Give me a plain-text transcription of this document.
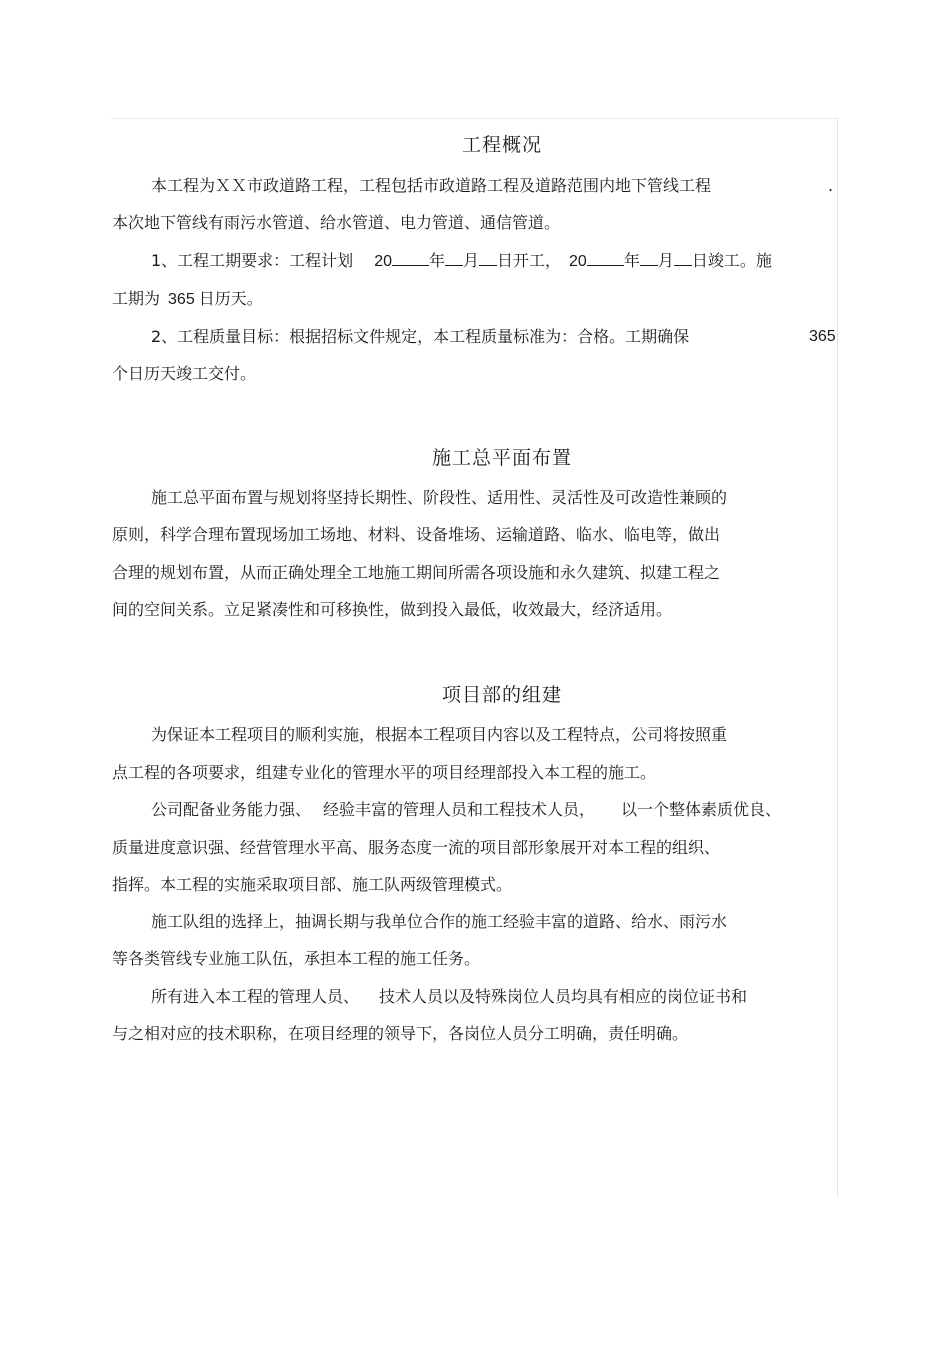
工程概况
本工程为ＸＸ市政道路工程，工程包括市政道路工程及道路范围内地下管线工程	.
本次地下管线有雨污水管道、给水管道、电力管道、通信管道。
1、工程工期要求：工程计划 20 年 月 日开工， 20 年 月 日竣工。施
工期为 365 日历天。
2、工程质量目标：根据招标文件规定，本工程质量标准为：合格。工期确保	365
个日历天竣工交付。
施工总平面布置
施工总平面布置与规划将坚持长期性、阶段性、适用性、灵活性及可改造性兼顾的
原则，科学合理布置现场加工场地、材料、设备堆场、运输道路、临水、临电等，做出
合理的规划布置，从而正确处理全工地施工期间所需各项设施和永久建筑、拟建工程之
间的空间关系。立足紧凑性和可移换性，做到投入最低，收效最大，经济适用。
项目部的组建
为保证本工程项目的顺利实施，根据本工程项目内容以及工程特点，公司将按照重
点工程的各项要求，组建专业化的管理水平的项目经理部投入本工程的施工。
公司配备业务能力强、 经验丰富的管理人员和工程技术人员， 以一个整体素质优良、
质量进度意识强、经营管理水平高、服务态度一流的项目部形象展开对本工程的组织、
指挥。本工程的实施采取项目部、施工队两级管理模式。
施工队组的选择上，抽调长期与我单位合作的施工经验丰富的道路、给水、雨污水
等各类管线专业施工队伍，承担本工程的施工任务。
所有进入本工程的管理人员、 技术人员以及特殊岗位人员均具有相应的岗位证书和
与之相对应的技术职称，在项目经理的领导下，各岗位人员分工明确，责任明确。
